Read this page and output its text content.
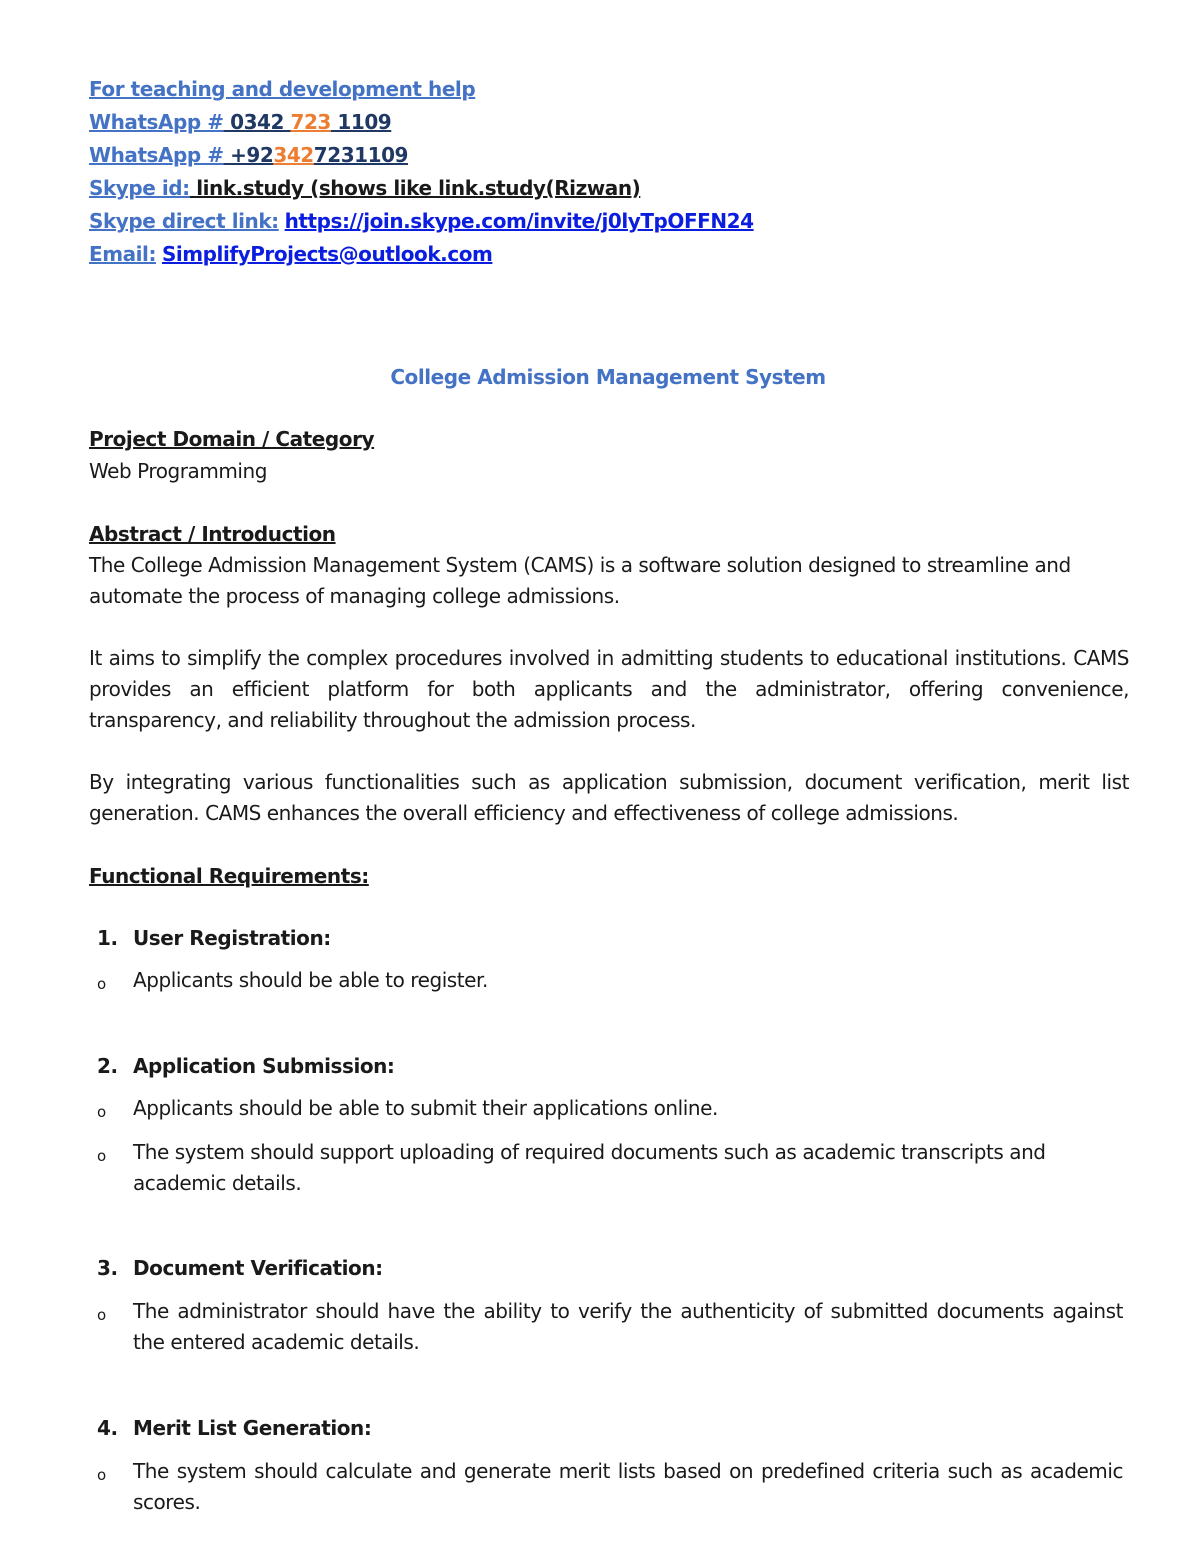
For teaching and development help
WhatsApp # 0342 723 1109
WhatsApp # +923427231109
Skype id: link.study (shows like link.study(Rizwan)
Skype direct link: https://join.skype.com/invite/j0lyTpOFFN24
Email: SimplifyProjects@outlook.com
College Admission Management System
Project Domain / Category
Web Programming
Abstract / Introduction
The College Admission Management System (CAMS) is a software solution designed to streamline and automate the process of managing college admissions.
It aims to simplify the complex procedures involved in admitting students to educational institutions. CAMS provides an efficient platform for both applicants and the administrator, offering convenience, transparency, and reliability throughout the admission process.
By integrating various functionalities such as application submission, document verification, merit list generation. CAMS enhances the overall efficiency and effectiveness of college admissions.
Functional Requirements:
1. User Registration:
o Applicants should be able to register.
2. Application Submission:
o Applicants should be able to submit their applications online.
o The system should support uploading of required documents such as academic transcripts and academic details.
3. Document Verification:
o The administrator should have the ability to verify the authenticity of submitted documents against the entered academic details.
4. Merit List Generation:
o The system should calculate and generate merit lists based on predefined criteria such as academic scores.
